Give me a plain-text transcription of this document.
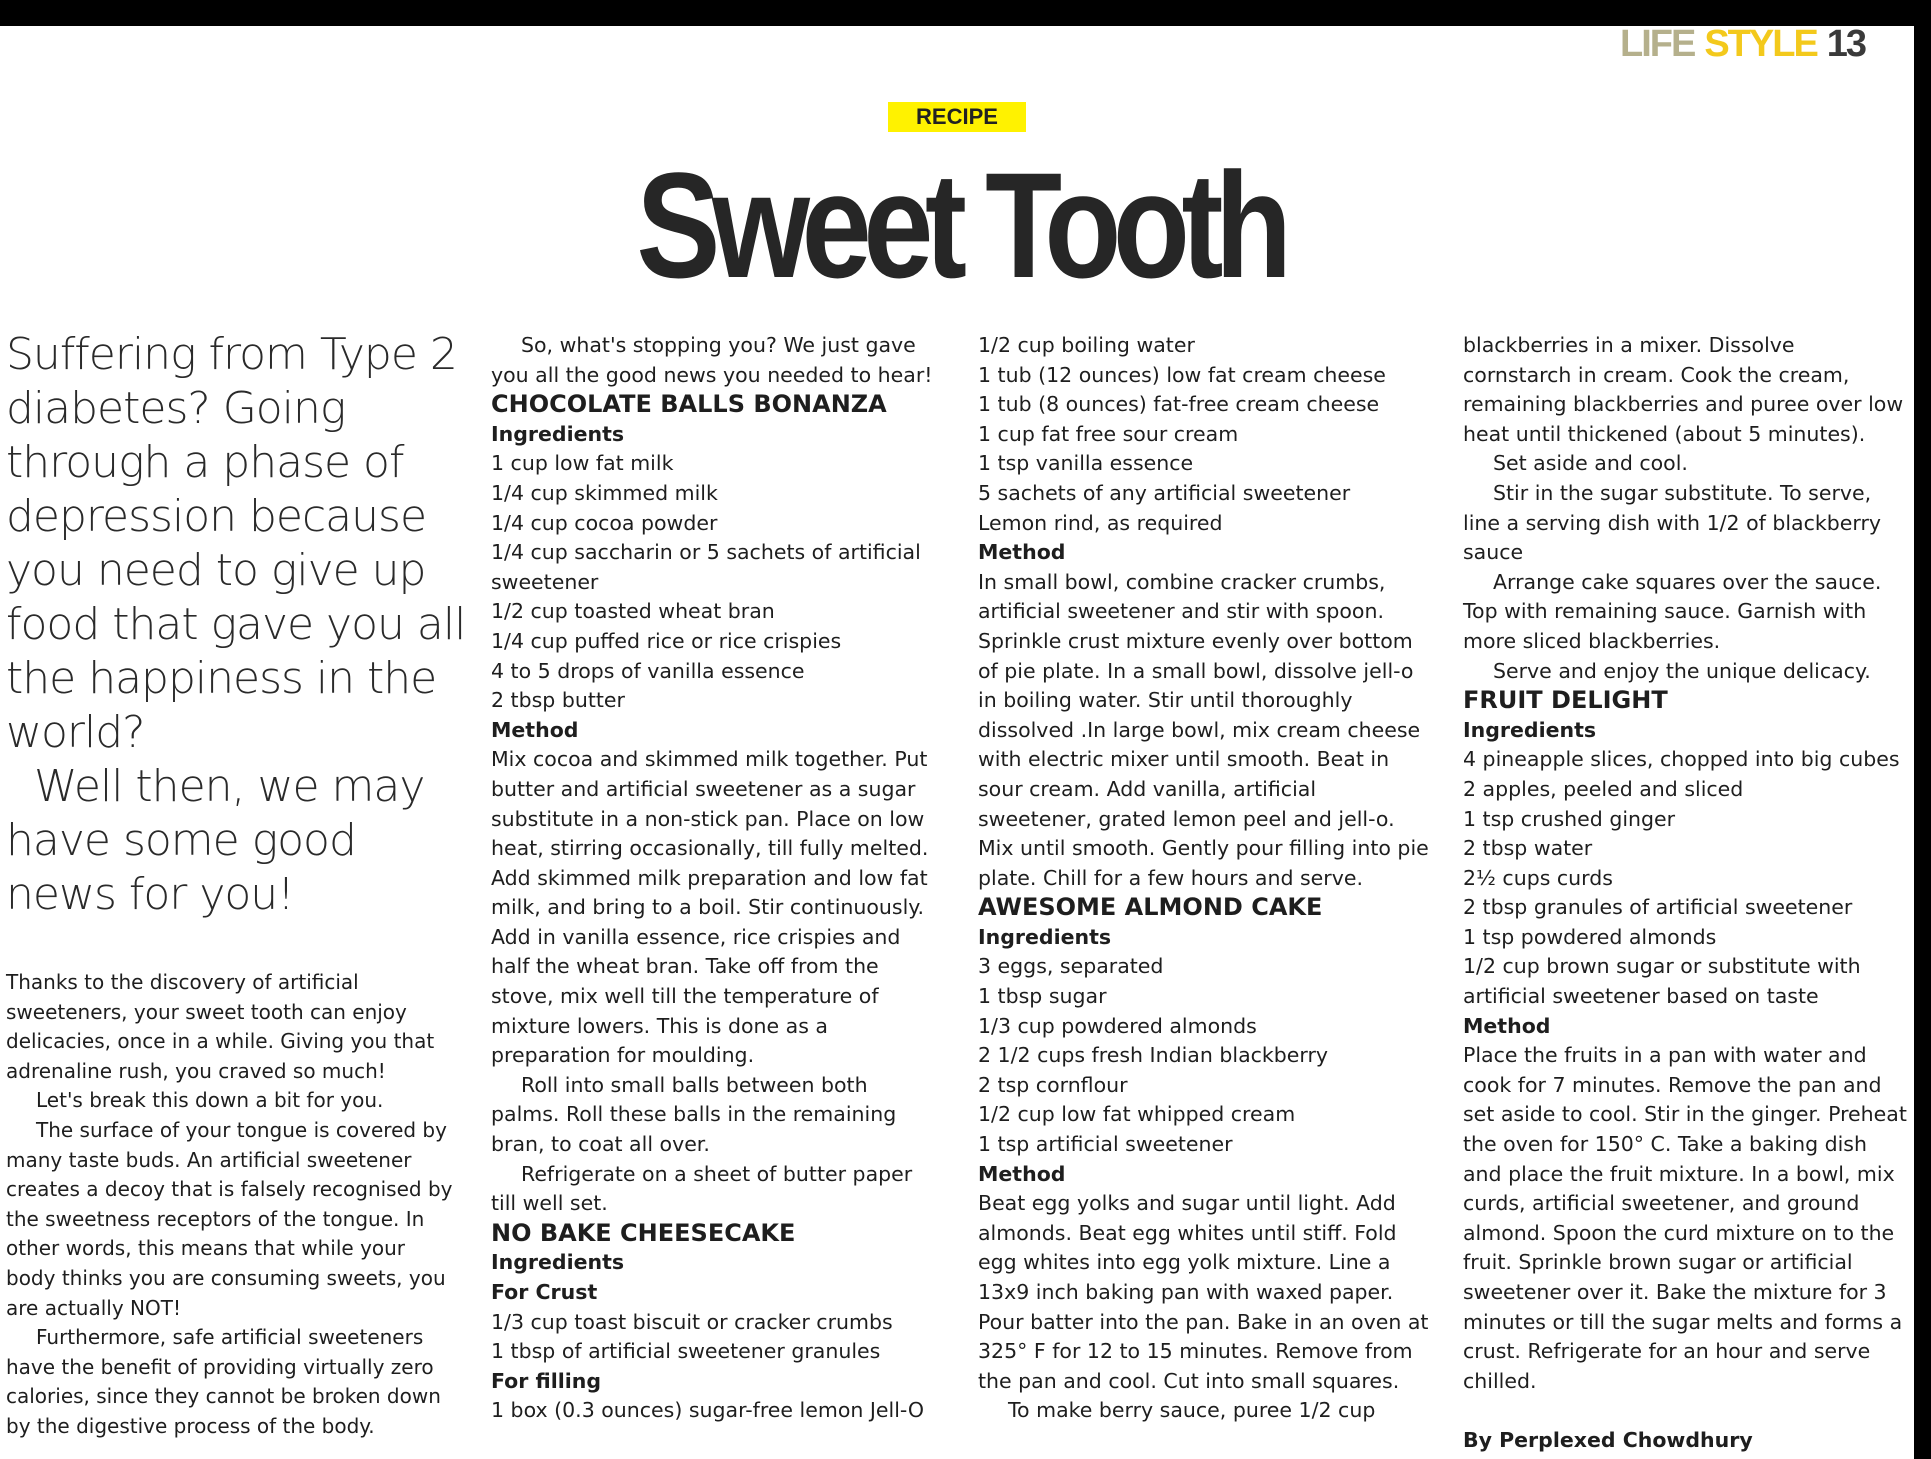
LIFE STYLE 13
RECIPE
Sweet Tooth

Suffering from Type 2 diabetes? Going through a phase of depression because you need to give up food that gave you all the happiness in the world?

Well then, we may have some good news for you!

Thanks to the discovery of artificial sweeteners, your sweet tooth can enjoy delicacies, once in a while. Giving you that adrenaline rush, you craved so much!

Let's break this down a bit for you.

The surface of your tongue is covered by many taste buds. An artificial sweetener creates a decoy that is falsely recognised by the sweetness receptors of the tongue. In other words, this means that while your body thinks you are consuming sweets, you are actually NOT!

Furthermore, safe artificial sweeteners have the benefit of providing virtually zero calories, since they cannot be broken down by the digestive process of the body.

So, what's stopping you? We just gave you all the good news you needed to hear!

CHOCOLATE BALLS BONANZA
Ingredients
1 cup low fat milk
1/4 cup skimmed milk
1/4 cup cocoa powder
1/4 cup saccharin or 5 sachets of artificial sweetener
1/2 cup toasted wheat bran
1/4 cup puffed rice or rice crispies
4 to 5 drops of vanilla essence
2 tbsp butter
Method

Mix cocoa and skimmed milk together. Put butter and artificial sweetener as a sugar substitute in a non-stick pan. Place on low heat, stirring occasionally, till fully melted. Add skimmed milk preparation and low fat milk, and bring to a boil. Stir continuously. Add in vanilla essence, rice crispies and half the wheat bran. Take off from the stove, mix well till the temperature of mixture lowers. This is done as a preparation for moulding.

Roll into small balls between both palms. Roll these balls in the remaining bran, to coat all over.

Refrigerate on a sheet of butter paper till well set.

NO BAKE CHEESECAKE
Ingredients
For Crust
1/3 cup toast biscuit or cracker crumbs
1 tbsp of artificial sweetener granules
For filling
1 box (0.3 ounces) sugar-free lemon Jell-O
1/2 cup boiling water
1 tub (12 ounces) low fat cream cheese
1 tub (8 ounces) fat-free cream cheese
1 cup fat free sour cream
1 tsp vanilla essence
5 sachets of any artificial sweetener
Lemon rind, as required
Method

In small bowl, combine cracker crumbs, artificial sweetener and stir with spoon. Sprinkle crust mixture evenly over bottom of pie plate. In a small bowl, dissolve jell-o in boiling water. Stir until thoroughly dissolved .In large bowl, mix cream cheese with electric mixer until smooth. Beat in sour cream. Add vanilla, artificial sweetener, grated lemon peel and jell-o. Mix until smooth. Gently pour filling into pie plate. Chill for a few hours and serve.

AWESOME ALMOND CAKE
Ingredients
3 eggs, separated
1 tbsp sugar
1/3 cup powdered almonds
2 1/2 cups fresh Indian blackberry
2 tsp cornflour
1/2 cup low fat whipped cream
1 tsp artificial sweetener
Method

Beat egg yolks and sugar until light. Add almonds. Beat egg whites until stiff. Fold egg whites into egg yolk mixture. Line a 13x9 inch baking pan with waxed paper. Pour batter into the pan. Bake in an oven at 325° F for 12 to 15 minutes. Remove from the pan and cool. Cut into small squares.

To make berry sauce, puree 1/2 cup

blackberries in a mixer. Dissolve cornstarch in cream. Cook the cream, remaining blackberries and puree over low heat until thickened (about 5 minutes).

Set aside and cool.

Stir in the sugar substitute. To serve, line a serving dish with 1/2 of blackberry sauce

Arrange cake squares over the sauce. Top with remaining sauce. Garnish with more sliced blackberries.

Serve and enjoy the unique delicacy.

FRUIT DELIGHT
Ingredients
4 pineapple slices, chopped into big cubes
2 apples, peeled and sliced
1 tsp crushed ginger
2 tbsp water
2½ cups curds
2 tbsp granules of artificial sweetener
1 tsp powdered almonds
1/2 cup brown sugar or substitute with artificial sweetener based on taste
Method

Place the fruits in a pan with water and cook for 7 minutes. Remove the pan and set aside to cool. Stir in the ginger. Preheat the oven for 150° C. Take a baking dish and place the fruit mixture. In a bowl, mix curds, artificial sweetener, and ground almond. Spoon the curd mixture on to the fruit. Sprinkle brown sugar or artificial sweetener over it. Bake the mixture for 3 minutes or till the sugar melts and forms a crust. Refrigerate for an hour and serve chilled.

By Perplexed Chowdhury
